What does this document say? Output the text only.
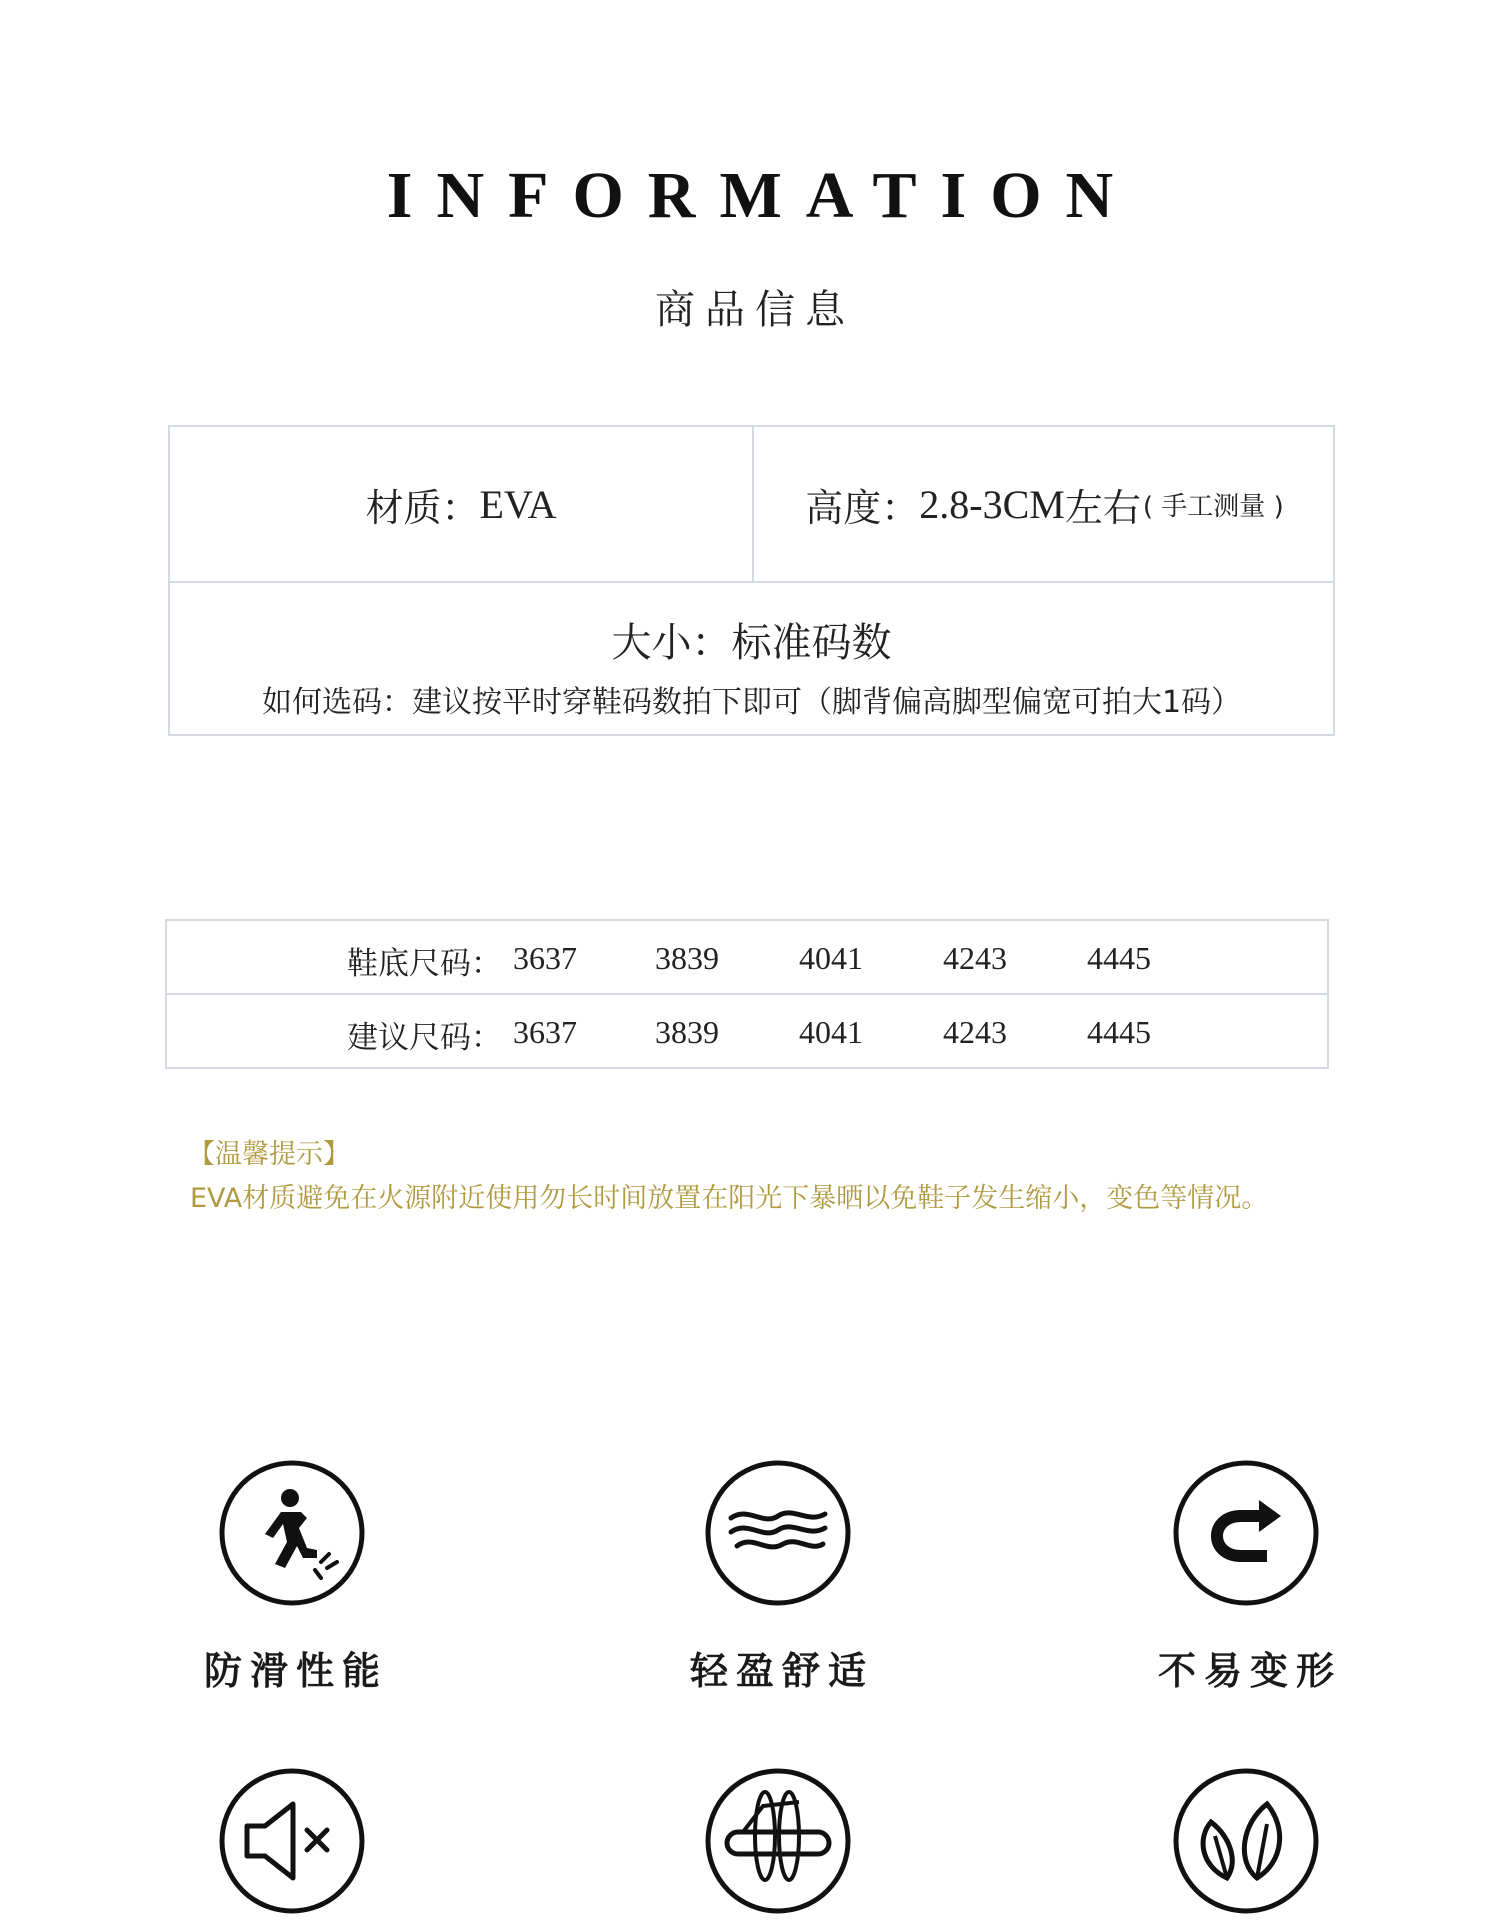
INFORMATION
商品信息
材质： EVA	高度： 2.8-3CM 左右 ( 手工测量 )
大小：标准码数
如何选码：建议按平时穿鞋码数拍下即可（脚背偏高脚型偏宽可拍大1码）
鞋底尺码： 3637 3839	4041	4243	4445
建议尺码： 3637 3839	4041	4243	4445
【温馨提示】
EVA材质避免在火源附近使用勿长时间放置在阳光下暴晒以免鞋子发生缩小，变色等情况。
防滑性能	轻盈舒适	不易变形
